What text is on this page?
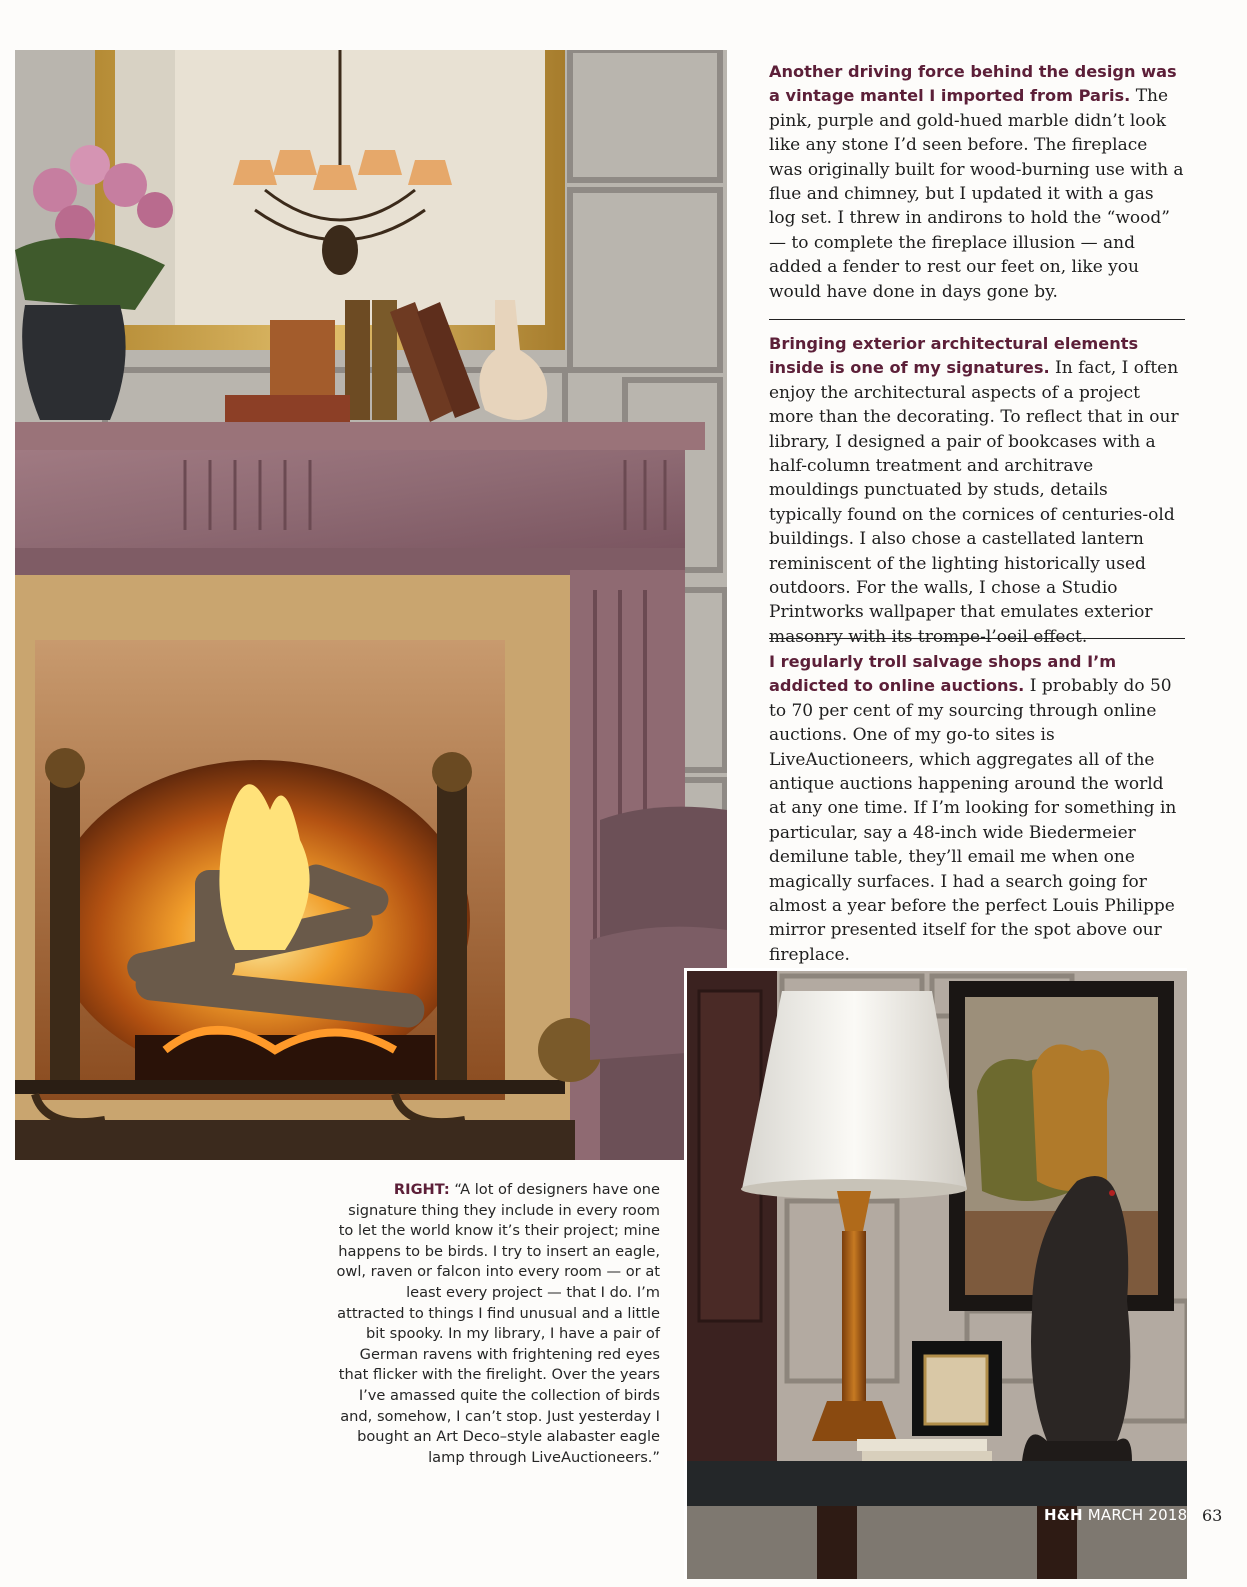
Another driving force behind the design was a vintage mantel I imported from Paris. The pink, purple and gold-hued marble didn’t look like any stone I’d seen before. The fireplace was originally built for wood-burning use with a flue and chimney, but I updated it with a gas log set. I threw in andirons to hold the “wood” — to complete the fireplace illusion — and added a fender to rest our feet on, like you would have done in days gone by.
Bringing exterior architectural elements inside is one of my signatures. In fact, I often enjoy the architectural aspects of a project more than the decorating. To reflect that in our library, I designed a pair of bookcases with a half-column treatment and architrave mouldings punctuated by studs, details typically found on the cornices of centuries-old buildings. I also chose a castellated lantern reminiscent of the lighting historically used outdoors. For the walls, I chose a Studio Printworks wallpaper that emulates exterior masonry with its trompe-l’oeil effect.
I regularly troll salvage shops and I’m addicted to online auctions. I probably do 50 to 70 per cent of my sourcing through online auctions. One of my go-to sites is LiveAuctioneers, which aggregates all of the antique auctions happening around the world at any one time. If I’m looking for something in particular, say a 48-inch wide Biedermeier demilune table, they’ll email me when one magically surfaces. I had a search going for almost a year before the perfect Louis Philippe mirror presented itself for the spot above our fireplace.
RIGHT: “A lot of designers have one signature thing they include in every room to let the world know it’s their project; mine happens to be birds. I try to insert an eagle, owl, raven or falcon into every room — or at least every project — that I do. I’m attracted to things I find unusual and a little bit spooky. In my library, I have a pair of German ravens with frightening red eyes that flicker with the firelight. Over the years I’ve amassed quite the collection of birds and, somehow, I can’t stop. Just yesterday I bought an Art Deco–style alabaster eagle lamp through LiveAuctioneers.”
H&H MARCH 2018 63
